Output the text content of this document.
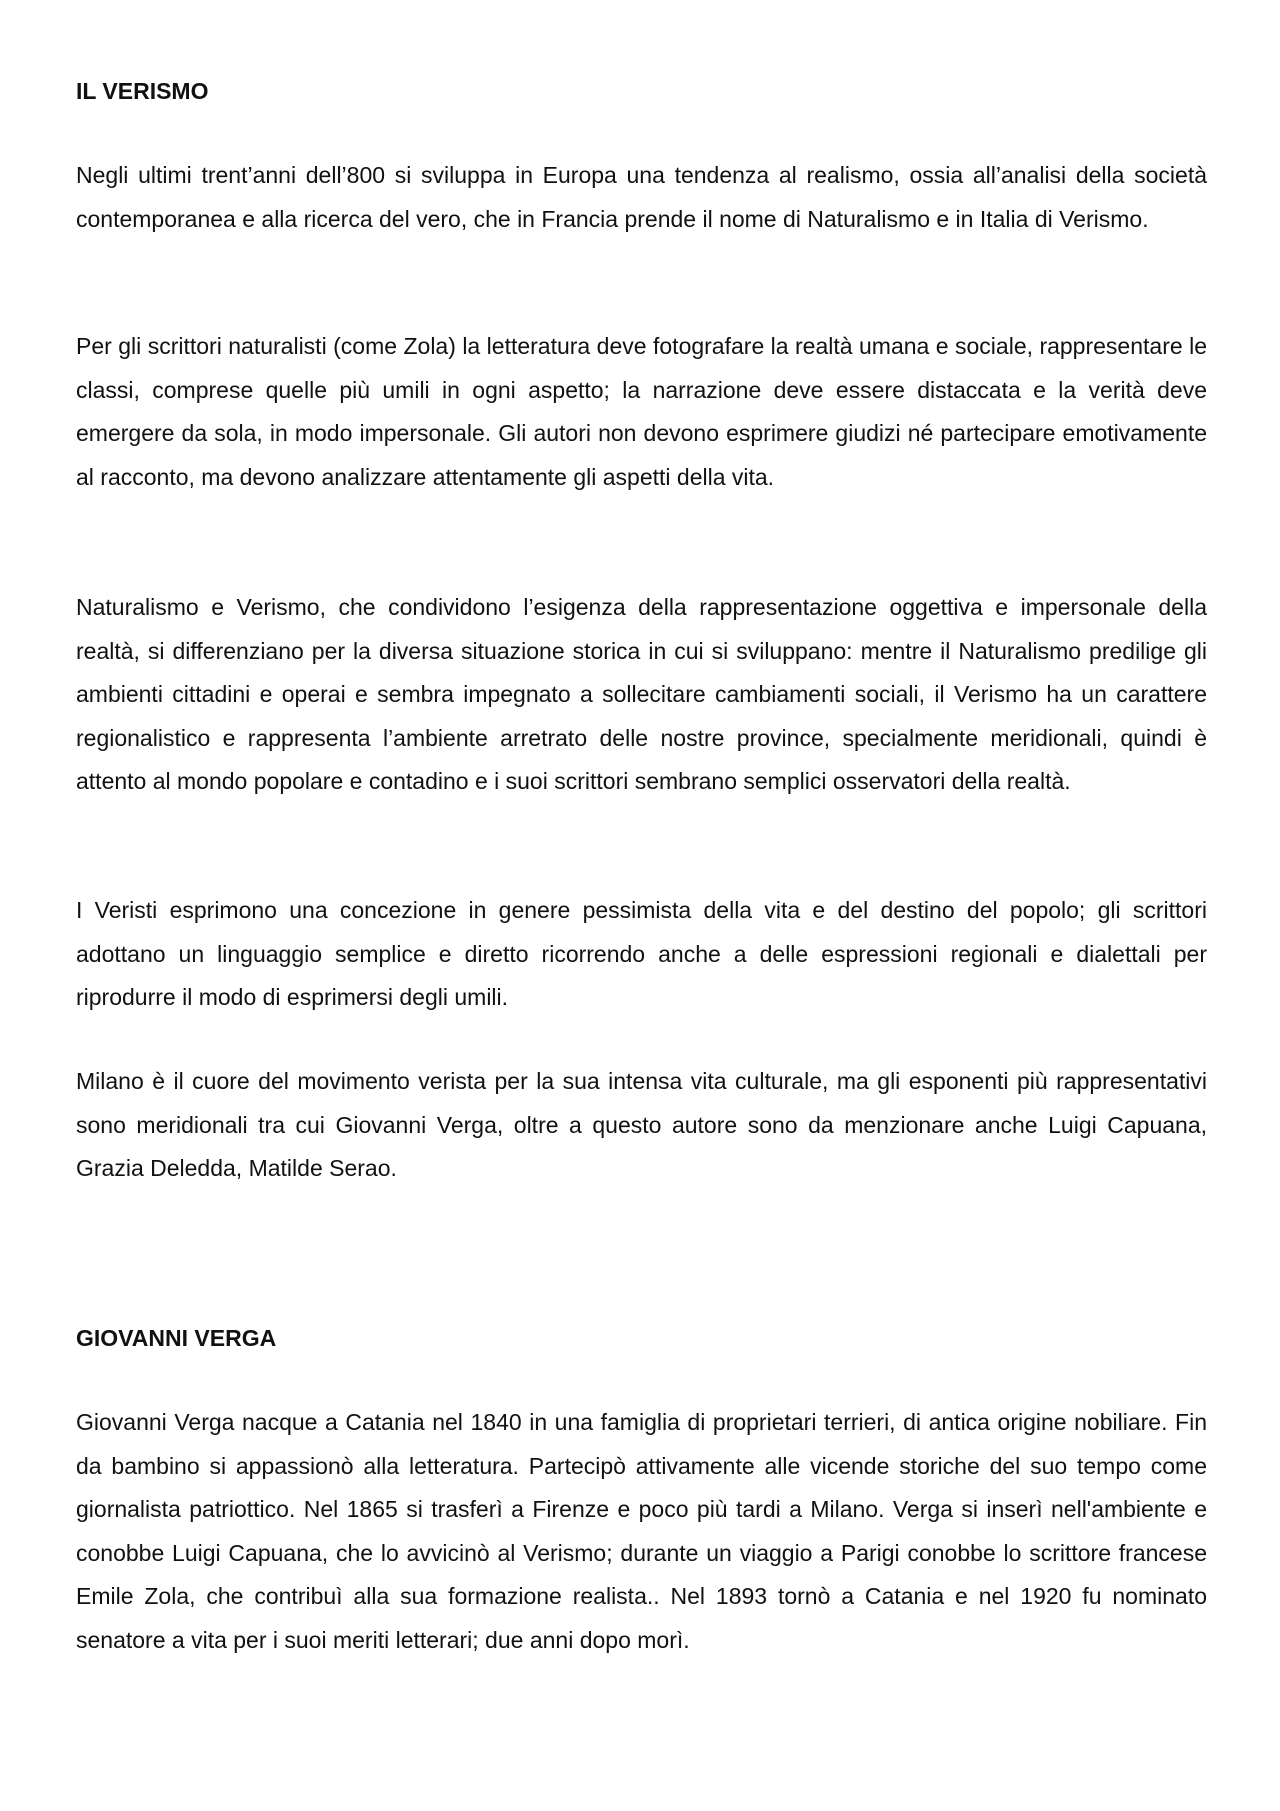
IL VERISMO

Negli ultimi trent’anni dell’800 si sviluppa in Europa una tendenza al realismo, ossia all’analisi della società contemporanea e alla ricerca del vero, che in Francia prende il nome di Naturalismo e in Italia di Verismo.

Per gli scrittori naturalisti (come Zola) la letteratura deve fotografare la realtà umana e sociale, rappresentare le classi, comprese quelle più umili in ogni aspetto; la narrazione deve essere distaccata e la verità deve emergere da sola, in modo impersonale. Gli autori non devono esprimere giudizi né partecipare emotivamente al racconto, ma devono analizzare attentamente gli aspetti della vita.

Naturalismo e Verismo, che condividono l’esigenza della rappresentazione oggettiva e impersonale della realtà, si differenziano per la diversa situazione storica in cui si sviluppano: mentre il Naturalismo predilige gli ambienti cittadini e operai e sembra impegnato a sollecitare cambiamenti sociali, il Verismo ha un carattere regionalistico e rappresenta l’ambiente arretrato delle nostre province, specialmente meridionali, quindi è attento al mondo popolare e contadino e i suoi scrittori sembrano semplici osservatori della realtà.

I Veristi esprimono una concezione in genere pessimista della vita e del destino del popolo; gli scrittori adottano un linguaggio semplice e diretto ricorrendo anche a delle espressioni regionali e dialettali per riprodurre il modo di esprimersi degli umili.

Milano è il cuore del movimento verista per la sua intensa vita culturale, ma gli esponenti più rappresentativi sono meridionali tra cui Giovanni Verga, oltre a questo autore sono da menzionare anche Luigi Capuana, Grazia Deledda, Matilde Serao.

GIOVANNI VERGA

Giovanni Verga nacque a Catania nel 1840 in una famiglia di proprietari terrieri, di antica origine nobiliare. Fin da bambino si appassionò alla letteratura. Partecipò attivamente alle vicende storiche del suo tempo come giornalista patriottico. Nel 1865 si trasferì a Firenze e poco più tardi a Milano. Verga si inserì nell'ambiente e conobbe Luigi Capuana, che lo avvicinò al Verismo; durante un viaggio a Parigi conobbe lo scrittore francese Emile Zola, che contribuì alla sua formazione realista.. Nel 1893 tornò a Catania e nel 1920 fu nominato senatore a vita per i suoi meriti letterari; due anni dopo morì.
